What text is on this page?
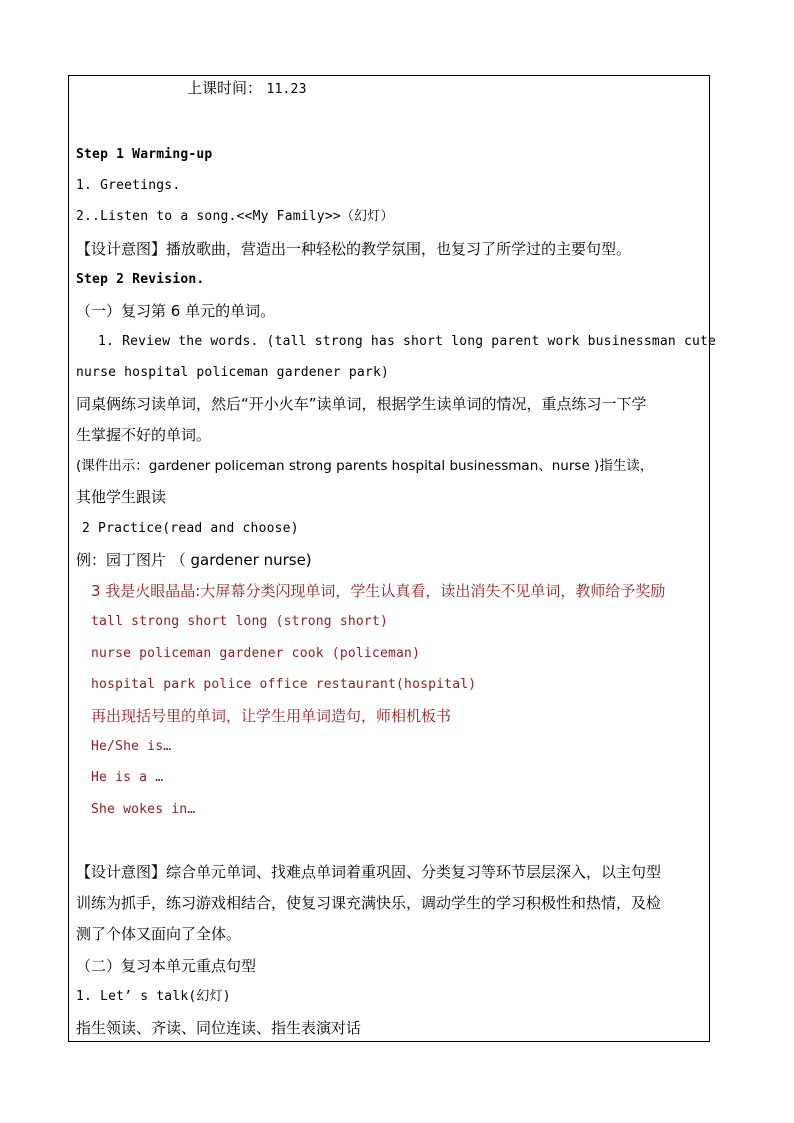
上课时间： 11.23
Step 1 Warming-up
1. Greetings.
2..Listen to a song.<<My Family>>（幻灯）
【设计意图】播放歌曲，营造出一种轻松的教学氛围，也复习了所学过的主要句型。
Step 2 Revision.
（一）复习第 6 单元的单词。
1. Review the words. (tall strong has short long parent work businessman cute
nurse hospital policeman gardener park)
同桌俩练习读单词，然后“开小火车”读单词，根据学生读单词的情况，重点练习一下学
生掌握不好的单词。
(课件出示：gardener policeman strong parents hospital businessman、nurse )指生读，
其他学生跟读
2 Practice(read and choose)
例：园丁图片 （ gardener nurse)
3 我是火眼晶晶:大屏幕分类闪现单词，学生认真看，读出消失不见单词，教师给予奖励
tall strong short long (strong short)
nurse policeman gardener cook (policeman)
hospital park police office restaurant(hospital)
再出现括号里的单词，让学生用单词造句，师相机板书
He/She is…
He is a …
She wokes in…
【设计意图】综合单元单词、找难点单词着重巩固、分类复习等环节层层深入，以主句型
训练为抓手，练习游戏相结合，使复习课充满快乐，调动学生的学习积极性和热情，及检
测了个体又面向了全体。
（二）复习本单元重点句型
1. Let’ s talk(幻灯)
指生领读、齐读、同位连读、指生表演对话
